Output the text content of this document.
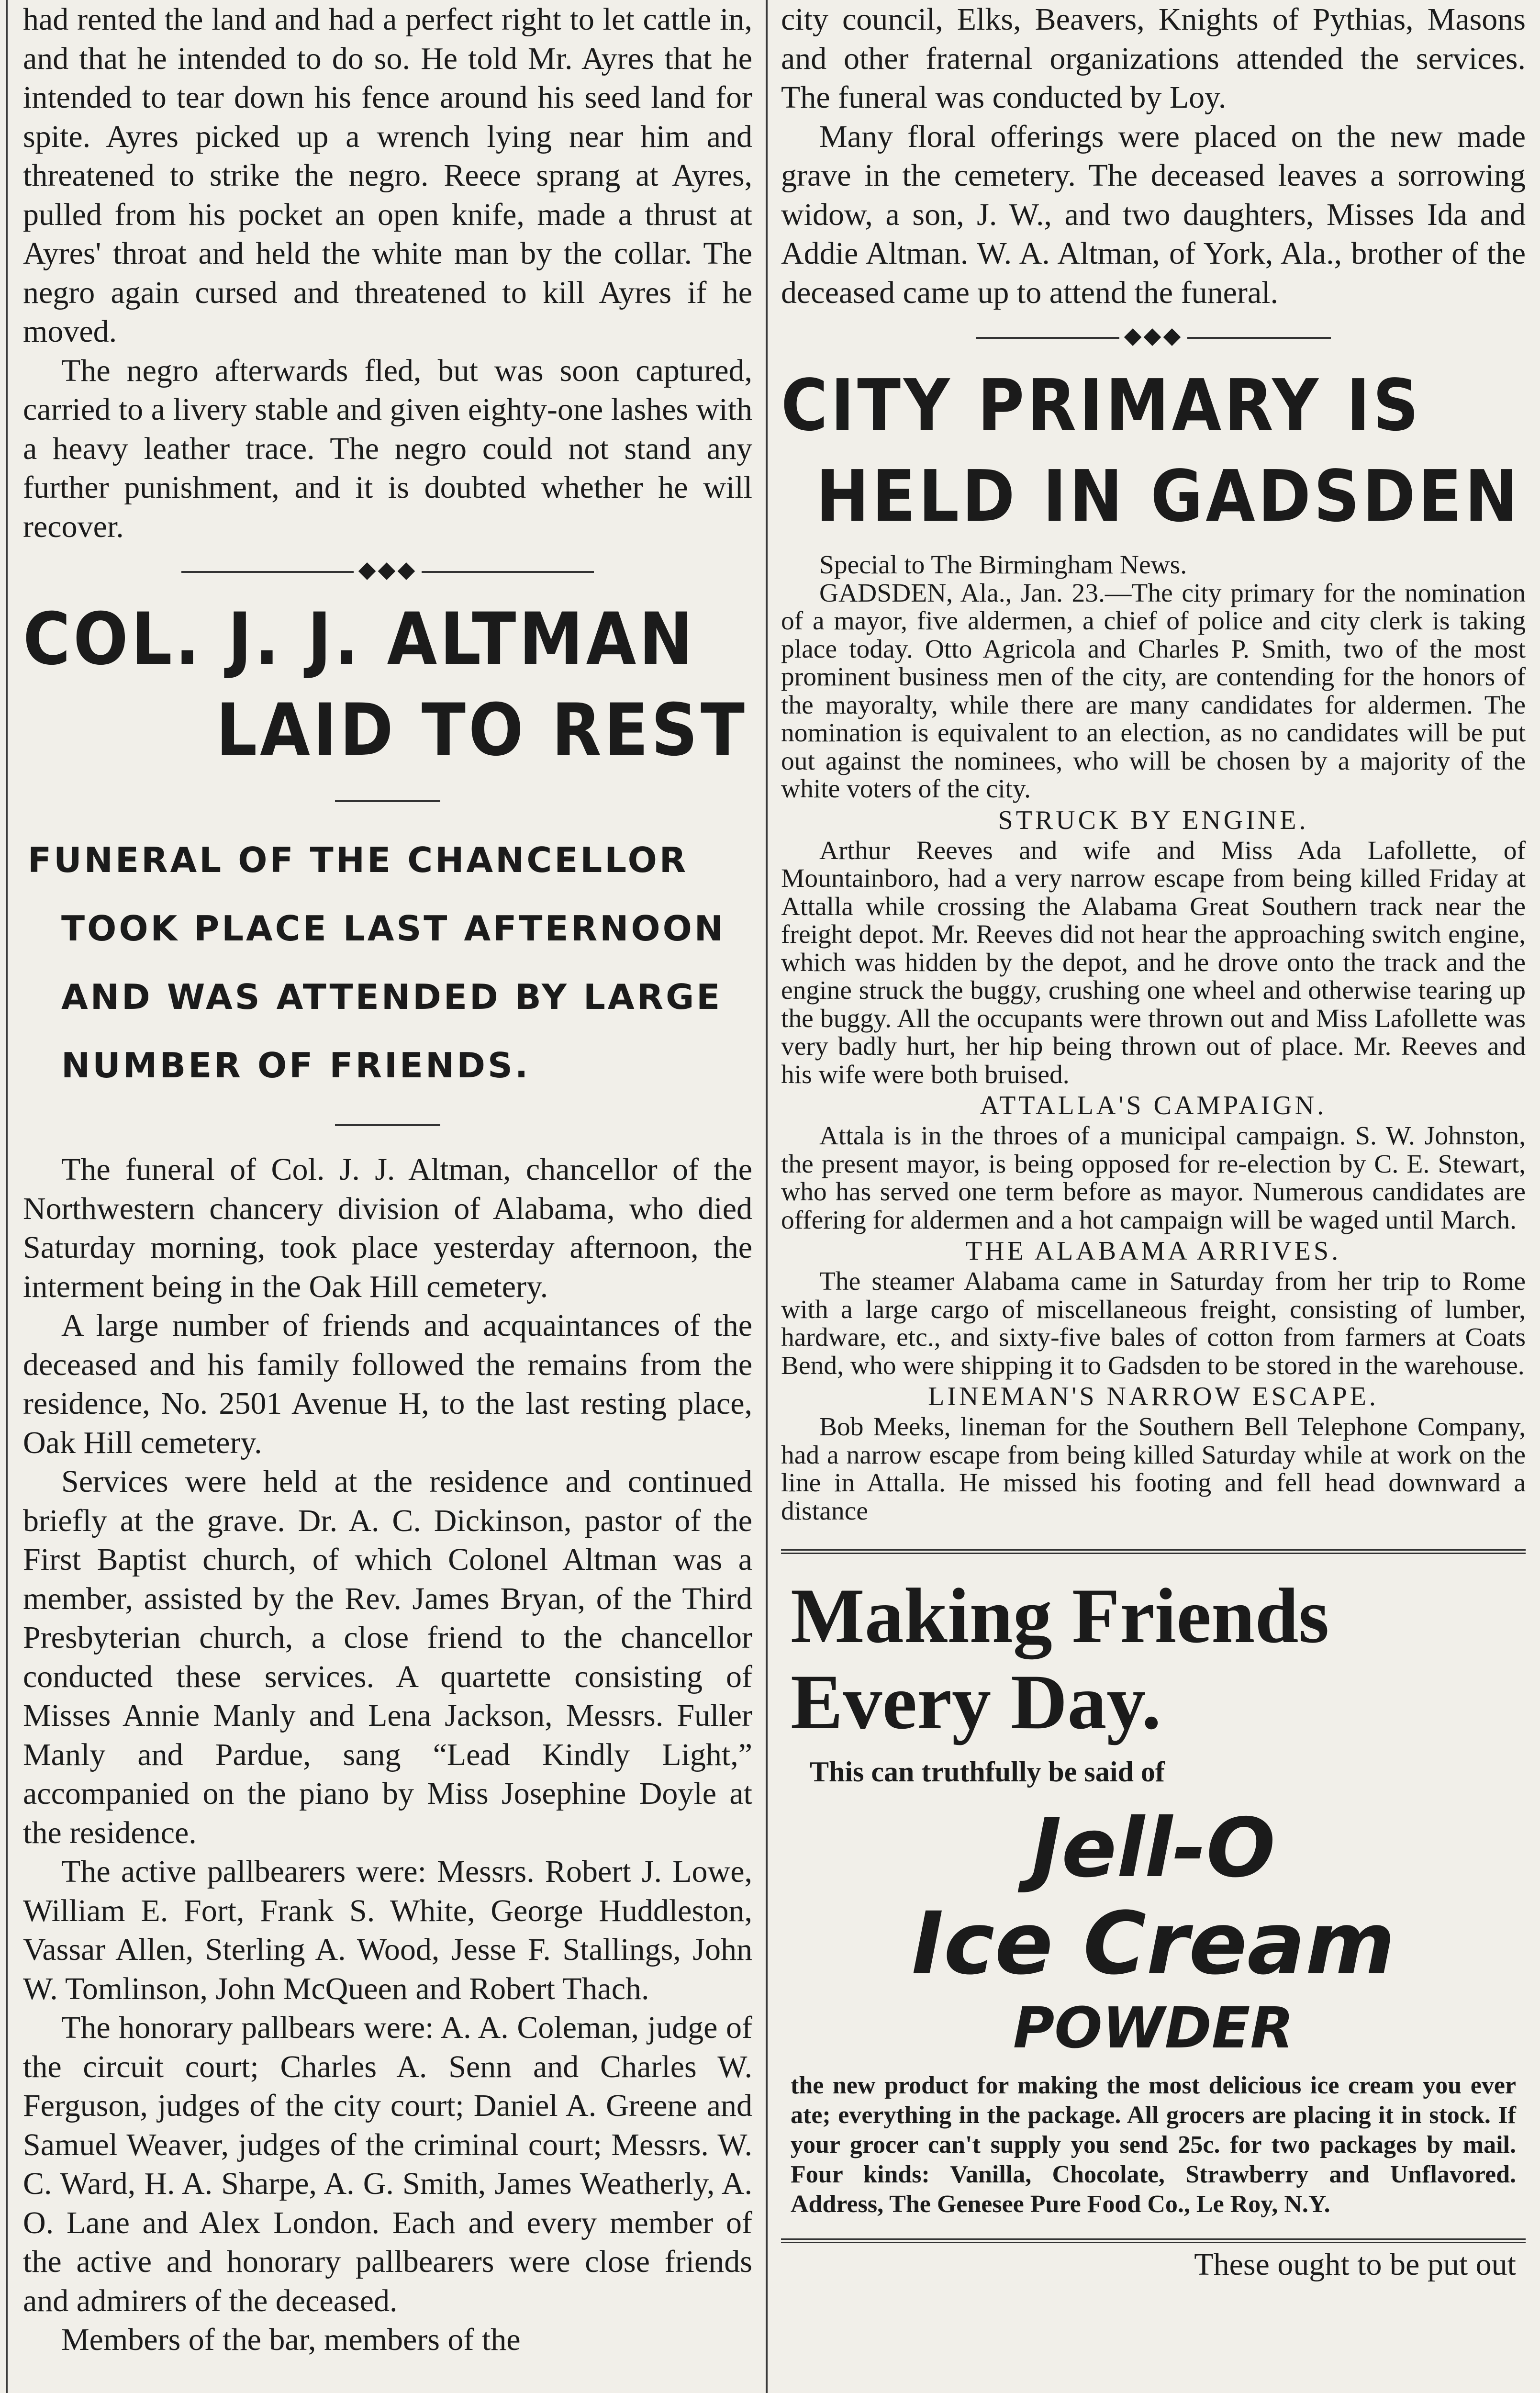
had rented the land and had a perfect right to let cattle in, and that he intended to do so. He told Mr. Ayres that he intended to tear down his fence around his seed land for spite. Ayres picked up a wrench lying near him and threatened to strike the negro. Reece sprang at Ayres, pulled from his pocket an open knife, made a thrust at Ayres' throat and held the white man by the collar. The negro again cursed and threatened to kill Ayres if he moved.

The negro afterwards fled, but was soon captured, carried to a livery stable and given eighty-one lashes with a heavy leather trace. The negro could not stand any further punishment, and it is doubted whether he will recover.

◆◆◆

COL. J. J. ALTMAN

LAID TO REST

FUNERAL OF THE CHANCELLOR

TOOK PLACE LAST AFTERNOON

AND WAS ATTENDED BY LARGE

NUMBER OF FRIENDS.

The funeral of Col. J. J. Altman, chancellor of the Northwestern chancery division of Alabama, who died Saturday morning, took place yesterday afternoon, the interment being in the Oak Hill cemetery.

A large number of friends and acquaintances of the deceased and his family followed the remains from the residence, No. 2501 Avenue H, to the last resting place, Oak Hill cemetery.

Services were held at the residence and continued briefly at the grave. Dr. A. C. Dickinson, pastor of the First Baptist church, of which Colonel Altman was a member, assisted by the Rev. James Bryan, of the Third Presbyterian church, a close friend to the chancellor conducted these services. A quartette consisting of Misses Annie Manly and Lena Jackson, Messrs. Fuller Manly and Pardue, sang “Lead Kindly Light,” accompanied on the piano by Miss Josephine Doyle at the residence.

The active pallbearers were: Messrs. Robert J. Lowe, William E. Fort, Frank S. White, George Huddleston, Vassar Allen, Sterling A. Wood, Jesse F. Stallings, John W. Tomlinson, John McQueen and Robert Thach.

The honorary pallbears were: A. A. Coleman, judge of the circuit court; Charles A. Senn and Charles W. Ferguson, judges of the city court; Daniel A. Greene and Samuel Weaver, judges of the criminal court; Messrs. W. C. Ward, H. A. Sharpe, A. G. Smith, James Weatherly, A. O. Lane and Alex London. Each and every member of the active and honorary pallbearers were close friends and admirers of the deceased.

Members of the bar, members of the

city council, Elks, Beavers, Knights of Pythias, Masons and other fraternal organizations attended the services. The funeral was conducted by Loy.

Many floral offerings were placed on the new made grave in the cemetery. The deceased leaves a sorrowing widow, a son, J. W., and two daughters, Misses Ida and Addie Altman. W. A. Altman, of York, Ala., brother of the deceased came up to attend the funeral.

◆◆◆

CITY PRIMARY IS

HELD IN GADSDEN

Special to The Birmingham News.

GADSDEN, Ala., Jan. 23.—The city primary for the nomination of a mayor, five aldermen, a chief of police and city clerk is taking place today. Otto Agricola and Charles P. Smith, two of the most prominent business men of the city, are contending for the honors of the mayoralty, while there are many candidates for aldermen. The nomination is equivalent to an election, as no candidates will be put out against the nominees, who will be chosen by a majority of the white voters of the city.

STRUCK BY ENGINE.

Arthur Reeves and wife and Miss Ada Lafollette, of Mountainboro, had a very narrow escape from being killed Friday at Attalla while crossing the Alabama Great Southern track near the freight depot. Mr. Reeves did not hear the approaching switch engine, which was hidden by the depot, and he drove onto the track and the engine struck the buggy, crushing one wheel and otherwise tearing up the buggy. All the occupants were thrown out and Miss Lafollette was very badly hurt, her hip being thrown out of place. Mr. Reeves and his wife were both bruised.

ATTALLA'S CAMPAIGN.

Attala is in the throes of a municipal campaign. S. W. Johnston, the present mayor, is being opposed for re-election by C. E. Stewart, who has served one term before as mayor. Numerous candidates are offering for aldermen and a hot campaign will be waged until March.

THE ALABAMA ARRIVES.

The steamer Alabama came in Saturday from her trip to Rome with a large cargo of miscellaneous freight, consisting of lumber, hardware, etc., and sixty-five bales of cotton from farmers at Coats Bend, who were shipping it to Gadsden to be stored in the warehouse.

LINEMAN'S NARROW ESCAPE.

Bob Meeks, lineman for the Southern Bell Telephone Company, had a narrow escape from being killed Saturday while at work on the line in Attalla. He missed his footing and fell head downward a distance

Making Friends

Every Day.

This can truthfully be said of

Jell-O

Ice Cream

POWDER

the new product for making the most delicious ice cream you ever ate; everything in the package. All grocers are placing it in stock. If your grocer can't supply you send 25c. for two packages by mail. Four kinds: Vanilla, Chocolate, Strawberry and Unflavored. Address, The Genesee Pure Food Co., Le Roy, N.Y.

These ought to be put out
